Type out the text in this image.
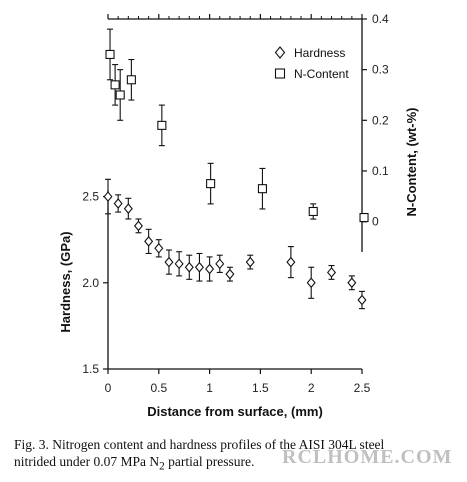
0	0.5	1	1.5	2	2.5
1.5
2.0
2.5
0
0.1
0.2
0.3
0.4
Distance from surface, (mm)
Hardness, (GPa)
N-Content, (wt-%)
Hardness
N-Content
Fig. 3. Nitrogen content and hardness profiles of the AISI 304L steel
nitrided under 0.07 MPa $N_2$ partial pressure.	RCLHOME.COM
